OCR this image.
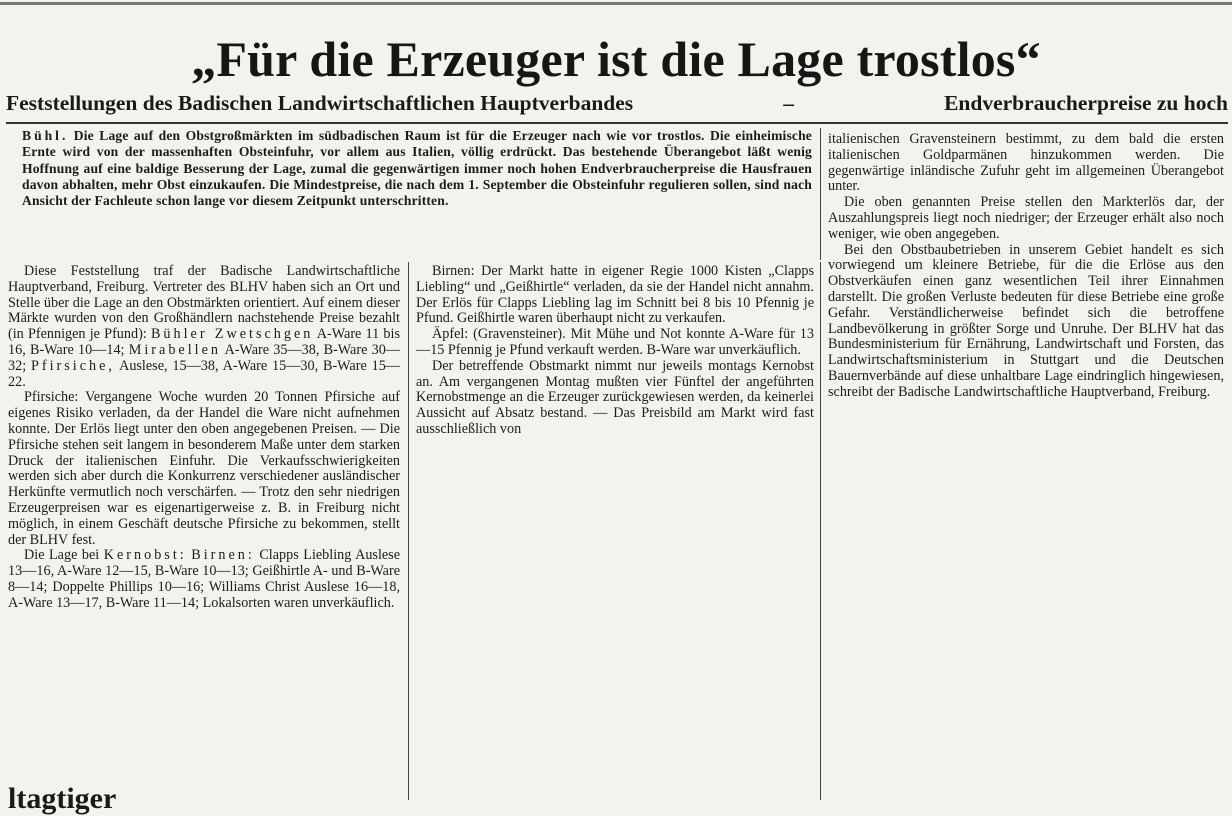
„Für die Erzeuger ist die Lage trostlos“
Feststellungen des Badischen Landwirtschaftlichen Hauptverbandes	–	Endverbraucherpreise zu hoch
Bühl. Die Lage auf den Obstgroßmärkten im südbadischen Raum ist für die Erzeuger nach wie vor trostlos. Die einheimische Ernte wird von der massenhaften Obsteinfuhr, vor allem aus Italien, völlig erdrückt. Das bestehende Überangebot läßt wenig Hoffnung auf eine baldige Besserung der Lage, zumal die gegenwärtigen immer noch hohen Endverbraucherpreise die Hausfrauen davon abhalten, mehr Obst einzukaufen. Die Mindestpreise, die nach dem 1. September die Obsteinfuhr regulieren sollen, sind nach Ansicht der Fachleute schon lange vor diesem Zeitpunkt unterschritten.

Diese Feststellung traf der Badische Landwirtschaftliche Hauptverband, Freiburg. Vertreter des BLHV haben sich an Ort und Stelle über die Lage an den Obstmärkten orientiert. Auf einem dieser Märkte wurden von den Großhändlern nachstehende Preise bezahlt (in Pfennigen je Pfund): Bühler Zwetschgen A-Ware 11 bis 16, B-Ware 10—14; Mirabellen A-Ware 35—38, B-Ware 30—32; Pfirsiche, Auslese, 15—38, A-Ware 15—30, B-Ware 15—22.

Pfirsiche: Vergangene Woche wurden 20 Tonnen Pfirsiche auf eigenes Risiko verladen, da der Handel die Ware nicht aufnehmen konnte. Der Erlös liegt unter den oben angegebenen Preisen. — Die Pfirsiche stehen seit langem in besonderem Maße unter dem starken Druck der italienischen Einfuhr. Die Verkaufsschwierigkeiten werden sich aber durch die Konkurrenz verschiedener ausländischer Herkünfte vermutlich noch verschärfen. — Trotz den sehr niedrigen Erzeugerpreisen war es eigenartigerweise z. B. in Freiburg nicht möglich, in einem Geschäft deutsche Pfirsiche zu bekommen, stellt der BLHV fest.

Die Lage bei Kernobst: Birnen: Clapps Liebling Auslese 13—16, A-Ware 12—15, B-Ware 10—13; Geißhirtle A- und B-Ware 8—14; Doppelte Phillips 10—16; Williams Christ Auslese 16—18, A-Ware 13—17, B-Ware 11—14; Lokalsorten waren unverkäuflich.

Birnen: Der Markt hatte in eigener Regie 1000 Kisten „Clapps Liebling“ und „Geißhirtle“ verladen, da sie der Handel nicht annahm. Der Erlös für Clapps Liebling lag im Schnitt bei 8 bis 10 Pfennig je Pfund. Geißhirtle waren überhaupt nicht zu verkaufen.

Äpfel: (Gravensteiner). Mit Mühe und Not konnte A-Ware für 13—15 Pfennig je Pfund verkauft werden. B-Ware war unverkäuflich.

Der betreffende Obstmarkt nimmt nur jeweils montags Kernobst an. Am vergangenen Montag mußten vier Fünftel der angeführten Kernobstmenge an die Erzeuger zurückgewiesen werden, da keinerlei Aussicht auf Absatz bestand. — Das Preisbild am Markt wird fast ausschließlich von

italienischen Gravensteinern bestimmt, zu dem bald die ersten italienischen Goldparmänen hinzukommen werden. Die gegenwärtige inländische Zufuhr geht im allgemeinen Überangebot unter.

Die oben genannten Preise stellen den Markterlös dar, der Auszahlungspreis liegt noch niedriger; der Erzeuger erhält also noch weniger, wie oben angegeben.

Bei den Obstbaubetrieben in unserem Gebiet handelt es sich vorwiegend um kleinere Betriebe, für die die Erlöse aus den Obstverkäufen einen ganz wesentlichen Teil ihrer Einnahmen darstellt. Die großen Verluste bedeuten für diese Betriebe eine große Gefahr. Verständlicherweise befindet sich die betroffene Landbevölkerung in größter Sorge und Unruhe. Der BLHV hat das Bundesministerium für Ernährung, Landwirtschaft und Forsten, das Landwirtschaftsministerium in Stuttgart und die Deutschen Bauernverbände auf diese unhaltbare Lage eindringlich hingewiesen, schreibt der Badische Landwirtschaftliche Hauptverband, Freiburg.

ltagtiger
